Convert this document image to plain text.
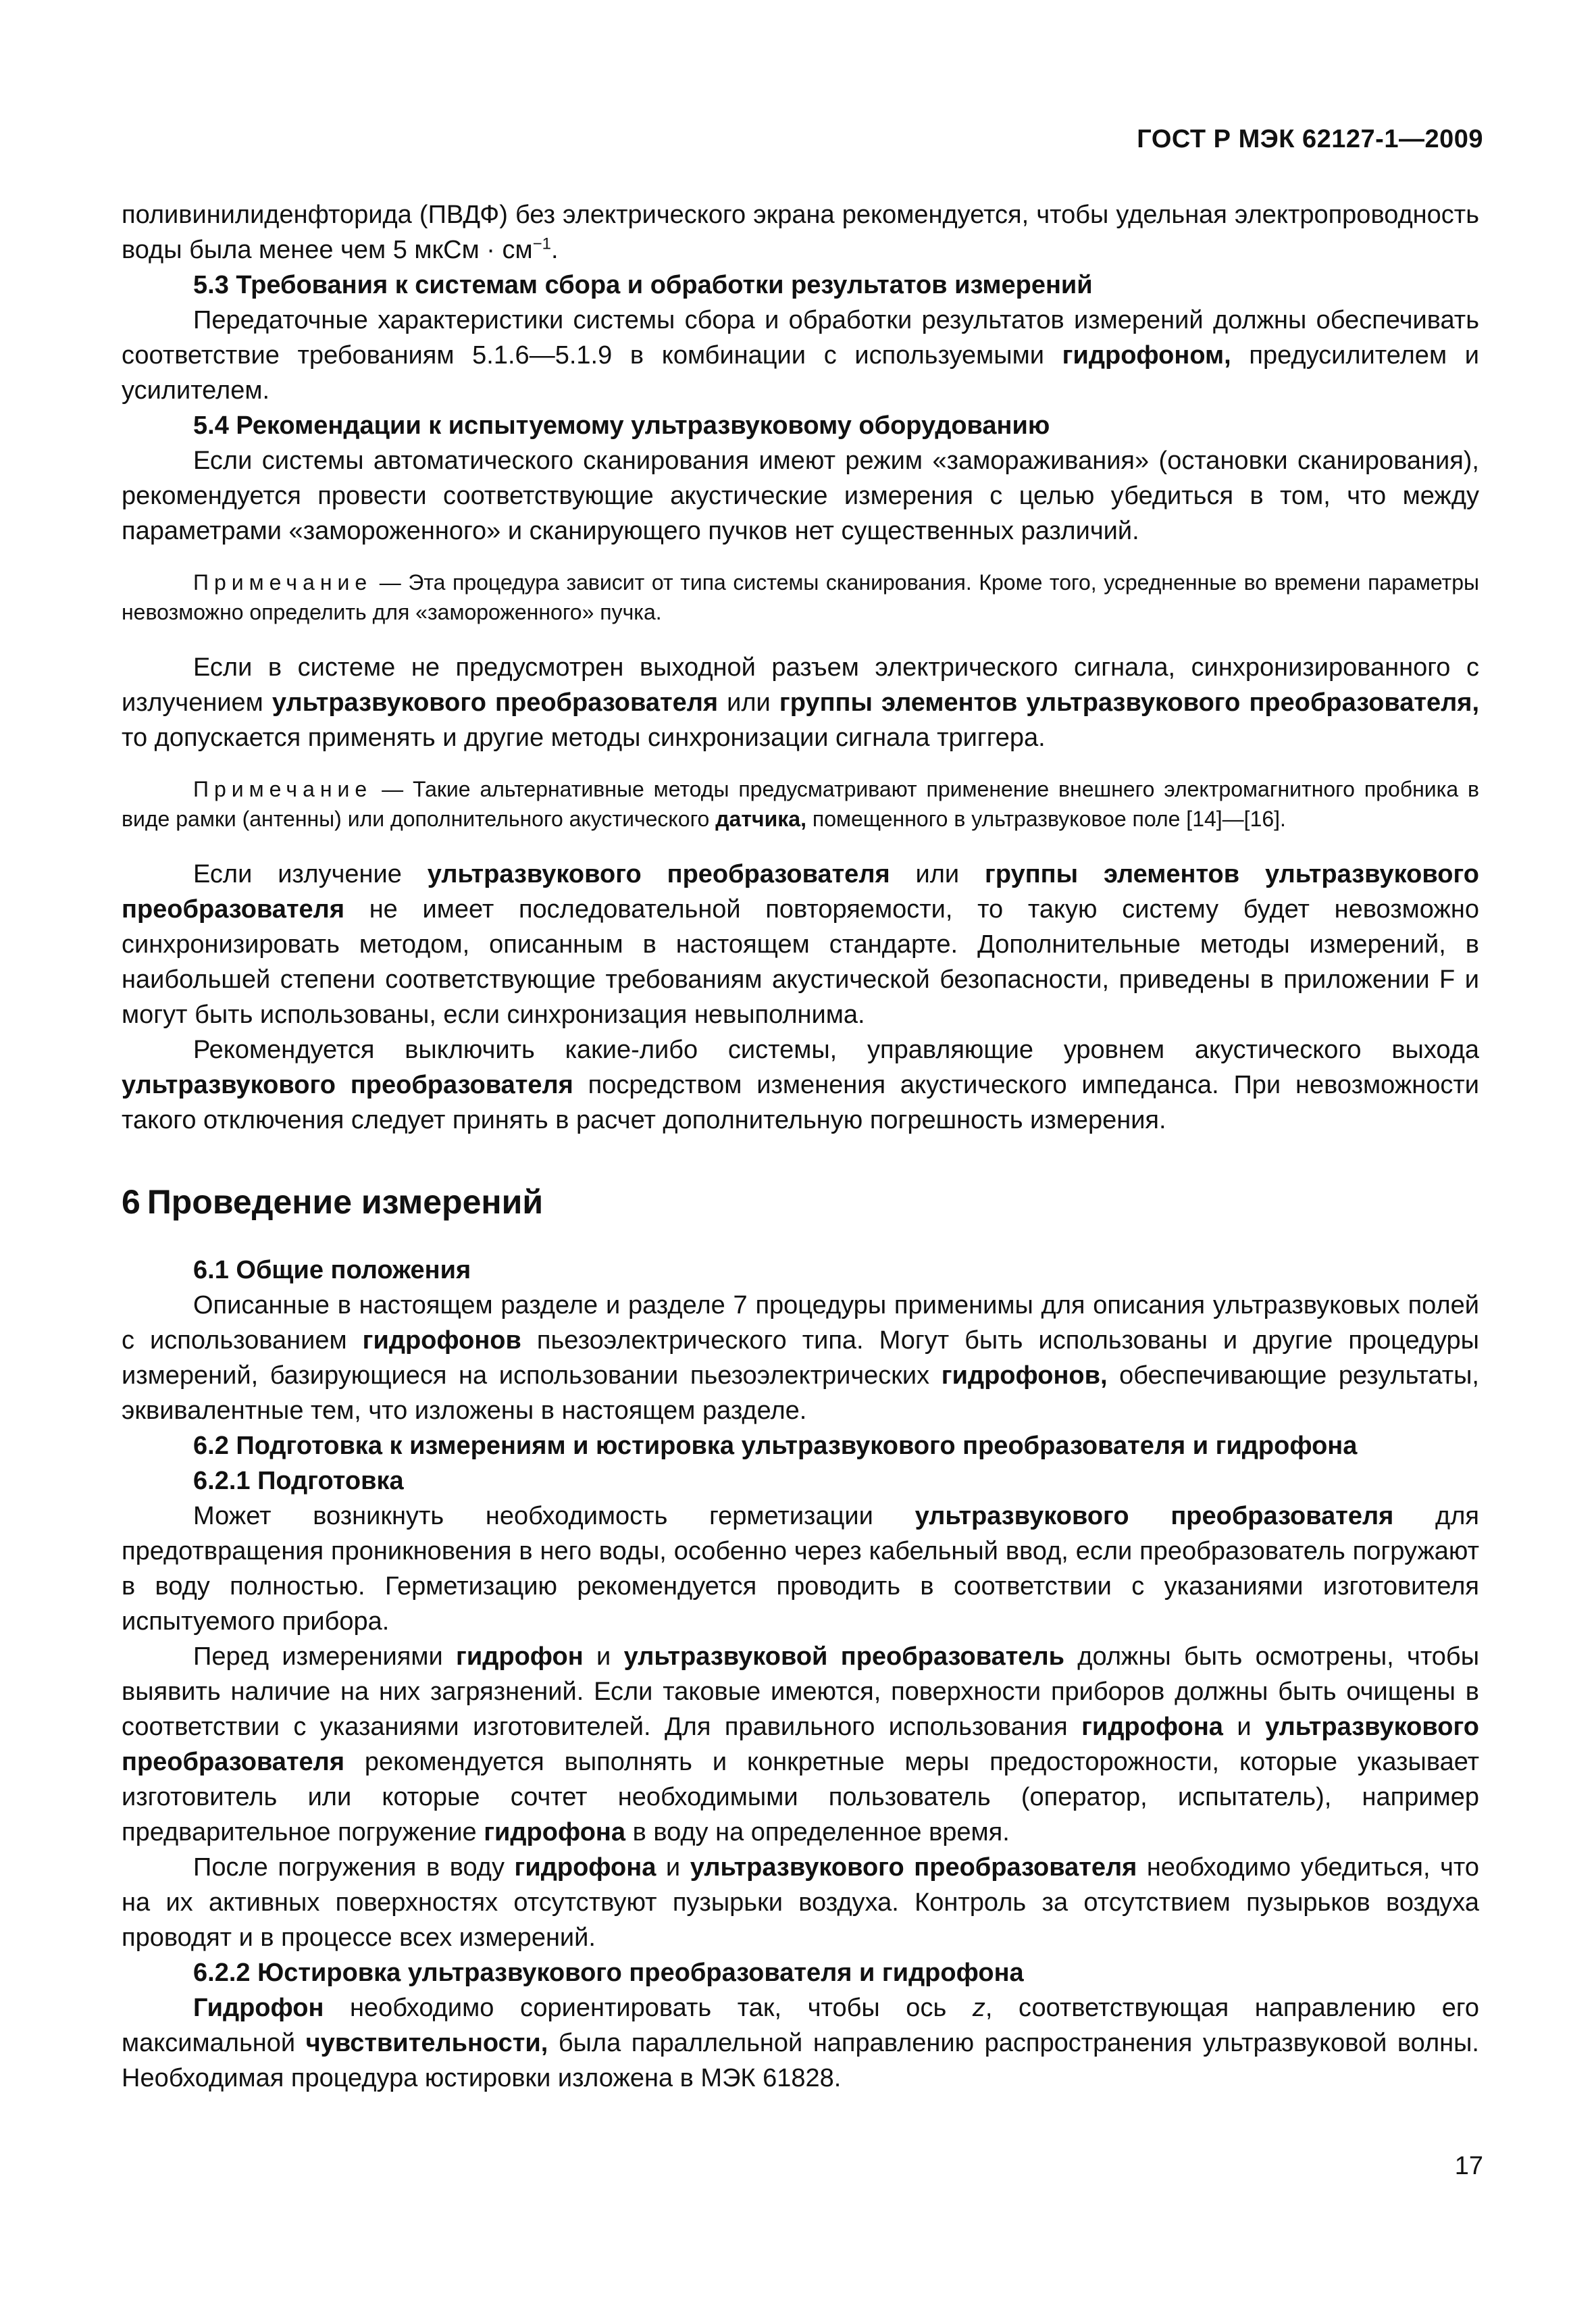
ГОСТ Р МЭК 62127-1—2009

поливинилиденфторида (ПВДФ) без электрического экрана рекомендуется, чтобы удельная электропроводность воды была менее чем 5 мкСм · $см^{-1}$.

5.3 Требования к системам сбора и обработки результатов измерений

Передаточные характеристики системы сбора и обработки результатов измерений должны обеспечивать соответствие требованиям 5.1.6—5.1.9 в комбинации с используемыми гидрофоном, предусилителем и усилителем.

5.4 Рекомендации к испытуемому ультразвуковому оборудованию

Если системы автоматического сканирования имеют режим «замораживания» (остановки сканирования), рекомендуется провести соответствующие акустические измерения с целью убедиться в том, что между параметрами «замороженного» и сканирующего пучков нет существенных различий.

Примечание — Эта процедура зависит от типа системы сканирования. Кроме того, усредненные во времени параметры невозможно определить для «замороженного» пучка.

Если в системе не предусмотрен выходной разъем электрического сигнала, синхронизированного с излучением ультразвукового преобразователя или группы элементов ультразвукового преобразователя, то допускается применять и другие методы синхронизации сигнала триггера.

Примечание — Такие альтернативные методы предусматривают применение внешнего электромагнитного пробника в виде рамки (антенны) или дополнительного акустического датчика, помещенного в ультразвуковое поле [14]—[16].

Если излучение ультразвукового преобразователя или группы элементов ультразвукового преобразователя не имеет последовательной повторяемости, то такую систему будет невозможно синхронизировать методом, описанным в настоящем стандарте. Дополнительные методы измерений, в наибольшей степени соответствующие требованиям акустической безопасности, приведены в приложении F и могут быть использованы, если синхронизация невыполнима.

Рекомендуется выключить какие-либо системы, управляющие уровнем акустического выхода ультразвукового преобразователя посредством изменения акустического импеданса. При невозможности такого отключения следует принять в расчет дополнительную погрешность измерения.

6 Проведение измерений

6.1 Общие положения

Описанные в настоящем разделе и разделе 7 процедуры применимы для описания ультразвуковых полей с использованием гидрофонов пьезоэлектрического типа. Могут быть использованы и другие процедуры измерений, базирующиеся на использовании пьезоэлектрических гидрофонов, обеспечивающие результаты, эквивалентные тем, что изложены в настоящем разделе.

6.2 Подготовка к измерениям и юстировка ультразвукового преобразователя и гидрофона

6.2.1 Подготовка

Может возникнуть необходимость герметизации ультразвукового преобразователя для предотвращения проникновения в него воды, особенно через кабельный ввод, если преобразователь погружают в воду полностью. Герметизацию рекомендуется проводить в соответствии с указаниями изготовителя испытуемого прибора.

Перед измерениями гидрофон и ультразвуковой преобразователь должны быть осмотрены, чтобы выявить наличие на них загрязнений. Если таковые имеются, поверхности приборов должны быть очищены в соответствии с указаниями изготовителей. Для правильного использования гидрофона и ультразвукового преобразователя рекомендуется выполнять и конкретные меры предосторожности, которые указывает изготовитель или которые сочтет необходимыми пользователь (оператор, испытатель), например предварительное погружение гидрофона в воду на определенное время.

После погружения в воду гидрофона и ультразвукового преобразователя необходимо убедиться, что на их активных поверхностях отсутствуют пузырьки воздуха. Контроль за отсутствием пузырьков воздуха проводят и в процессе всех измерений.

6.2.2 Юстировка ультразвукового преобразователя и гидрофона

Гидрофон необходимо сориентировать так, чтобы ось z, соответствующая направлению его максимальной чувствительности, была параллельной направлению распространения ультразвуковой волны. Необходимая процедура юстировки изложена в МЭК 61828.

17
